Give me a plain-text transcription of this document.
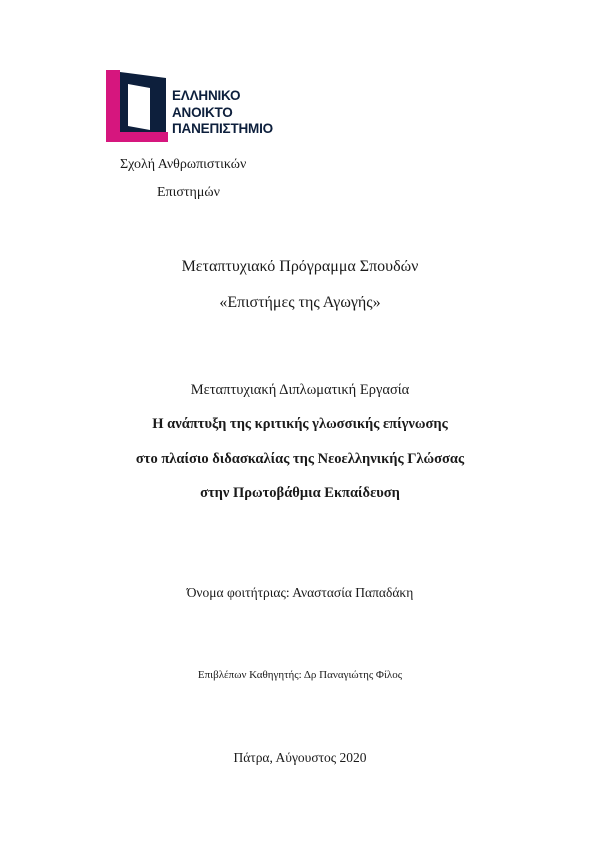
ΕΛΛΗΝΙΚΟ
ΑΝΟΙΚΤΟ
ΠΑΝΕΠΙΣΤΗΜΙΟ
Σχολή Ανθρωπιστικών
Επιστημών
Μεταπτυχιακό Πρόγραμμα Σπουδών
«Επιστήμες της Αγωγής»
Μεταπτυχιακή Διπλωματική Εργασία
Η ανάπτυξη της κριτικής γλωσσικής επίγνωσης
στο πλαίσιο διδασκαλίας της Νεοελληνικής Γλώσσας
στην Πρωτοβάθμια Εκπαίδευση
Όνομα φοιτήτριας: Αναστασία Παπαδάκη
Επιβλέπων Καθηγητής: Δρ Παναγιώτης Φίλος
Πάτρα, Αύγουστος 2020
